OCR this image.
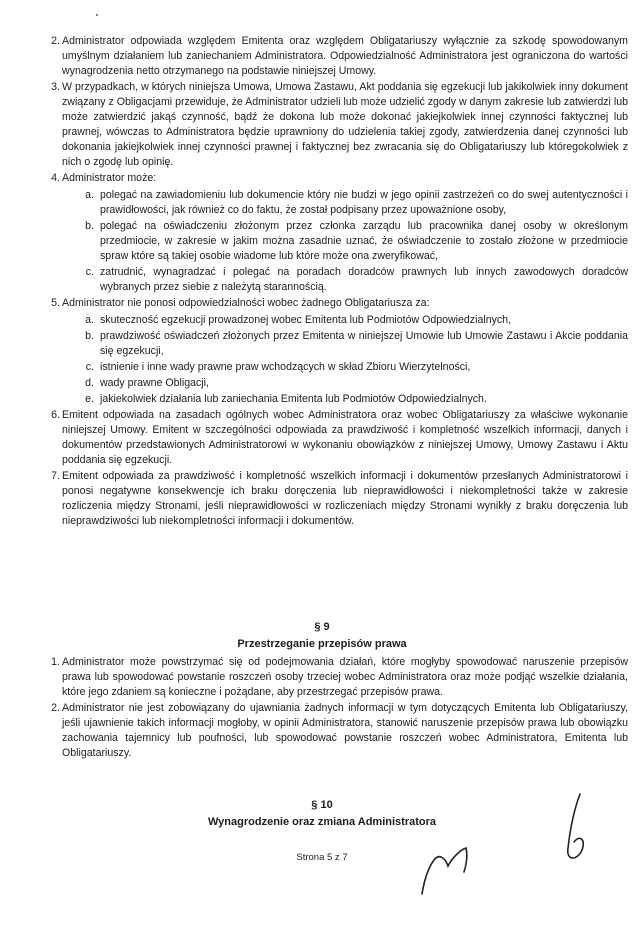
2. Administrator odpowiada względem Emitenta oraz względem Obligatariuszy wyłącznie za szkodę spowodowanym umyślnym działaniem lub zaniechaniem Administratora. Odpowiedzialność Administratora jest ograniczona do wartości wynagrodzenia netto otrzymanego na podstawie niniejszej Umowy.
3. W przypadkach, w których niniejsza Umowa, Umowa Zastawu, Akt poddania się egzekucji lub jakikolwiek inny dokument związany z Obligacjami przewiduje, że Administrator udzieli lub może udzielić zgody w danym zakresie lub zatwierdzi lub może zatwierdzić jakąś czynność, bądź że dokona lub może dokonać jakiejkolwiek innej czynności faktycznej lub prawnej, wówczas to Administratora będzie uprawniony do udzielenia takiej zgody, zatwierdzenia danej czynności lub dokonania jakiejkolwiek innej czynności prawnej i faktycznej bez zwracania się do Obligatariuszy lub któregokolwiek z nich o zgodę lub opinię.
4. Administrator może:
a. polegać na zawiadomieniu lub dokumencie który nie budzi w jego opinii zastrzeżeń co do swej autentyczności i prawidłowości, jak również co do faktu, że został podpisany przez upoważnione osoby,
b. polegać na oświadczeniu złożonym przez członka zarządu lub pracownika danej osoby w określonym przedmiocie, w zakresie w jakim można zasadnie uznać, że oświadczenie to zostało złożone w przedmiocie spraw które są takiej osobie wiadome lub które może ona zweryfikować,
c. zatrudnić, wynagradzać i polegać na poradach doradców prawnych lub innych zawodowych doradców wybranych przez siebie z należytą starannością.
5. Administrator nie ponosi odpowiedzialności wobec żadnego Obligatariusza za:
a. skuteczność egzekucji prowadzonej wobec Emitenta lub Podmiotów Odpowiedzialnych,
b. prawdziwość oświadczeń złożonych przez Emitenta w niniejszej Umowie lub Umowie Zastawu i Akcie poddania się egzekucji,
c. istnienie i inne wady prawne praw wchodzących w skład Zbioru Wierzytelności,
d. wady prawne Obligacji,
e. jakiekolwiek działania lub zaniechania Emitenta lub Podmiotów Odpowiedzialnych.
6. Emitent odpowiada na zasadach ogólnych wobec Administratora oraz wobec Obligatariuszy za właściwe wykonanie niniejszej Umowy. Emitent w szczególności odpowiada za prawdziwość i kompletność wszelkich informacji, danych i dokumentów przedstawionych Administratorowi w wykonaniu obowiązków z niniejszej Umowy, Umowy Zastawu i Aktu poddania się egzekucji.
7. Emitent odpowiada za prawdziwość i kompletność wszelkich informacji i dokumentów przesłanych Administratorowi i ponosi negatywne konsekwencje ich braku doręczenia lub nieprawidłowości i niekompletności także w zakresie rozliczenia między Stronami, jeśli nieprawidłowości w rozliczeniach między Stronami wynikły z braku doręczenia lub nieprawdziwości lub niekompletności informacji i dokumentów.
§ 9
Przestrzeganie przepisów prawa
1. Administrator może powstrzymać się od podejmowania działań, które mogłyby spowodować naruszenie przepisów prawa lub spowodować powstanie roszczeń osoby trzeciej wobec Administratora oraz może podjąć wszelkie działania, które jego zdaniem są konieczne i pożądane, aby przestrzegać przepisów prawa.
2. Administrator nie jest zobowiązany do ujawniania żadnych informacji w tym dotyczących Emitenta lub Obligatariuszy, jeśli ujawnienie takich informacji mogłoby, w opinii Administratora, stanowić naruszenie przepisów prawa lub obowiązku zachowania tajemnicy lub poufności, lub spowodować powstanie roszczeń wobec Administratora, Emitenta lub Obligatariuszy.
§ 10
Wynagrodzenie oraz zmiana Administratora
Strona 5 z 7
